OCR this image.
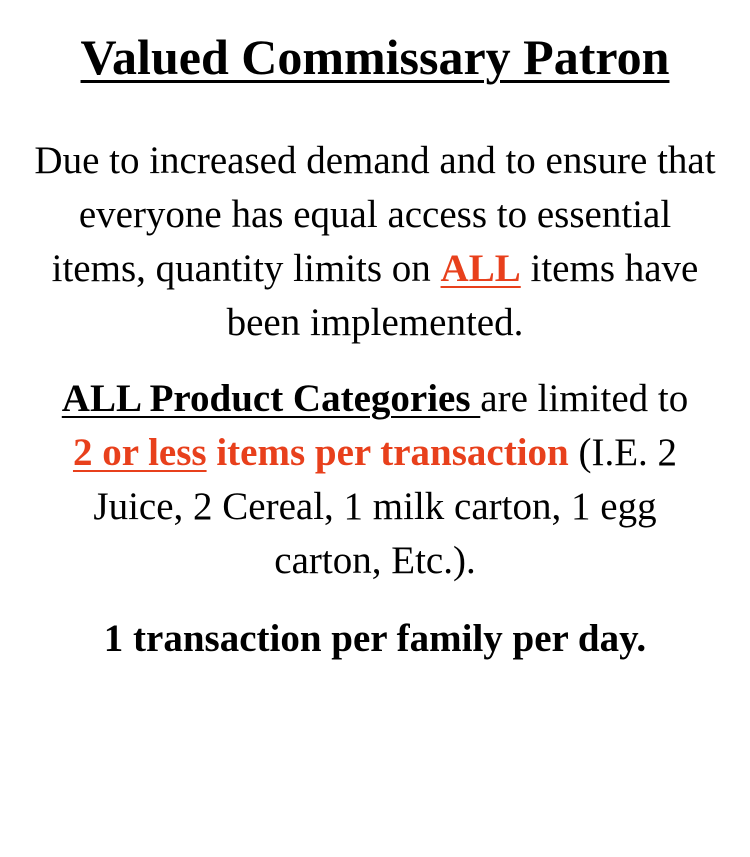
Valued Commissary Patron
Due to increased demand and to ensure that everyone has equal access to essential items, quantity limits on ALL items have been implemented.
ALL Product Categories are limited to
2 or less items per transaction (I.E. 2 Juice, 2 Cereal, 1 milk carton, 1 egg carton, Etc.).
1 transaction per family per day.
